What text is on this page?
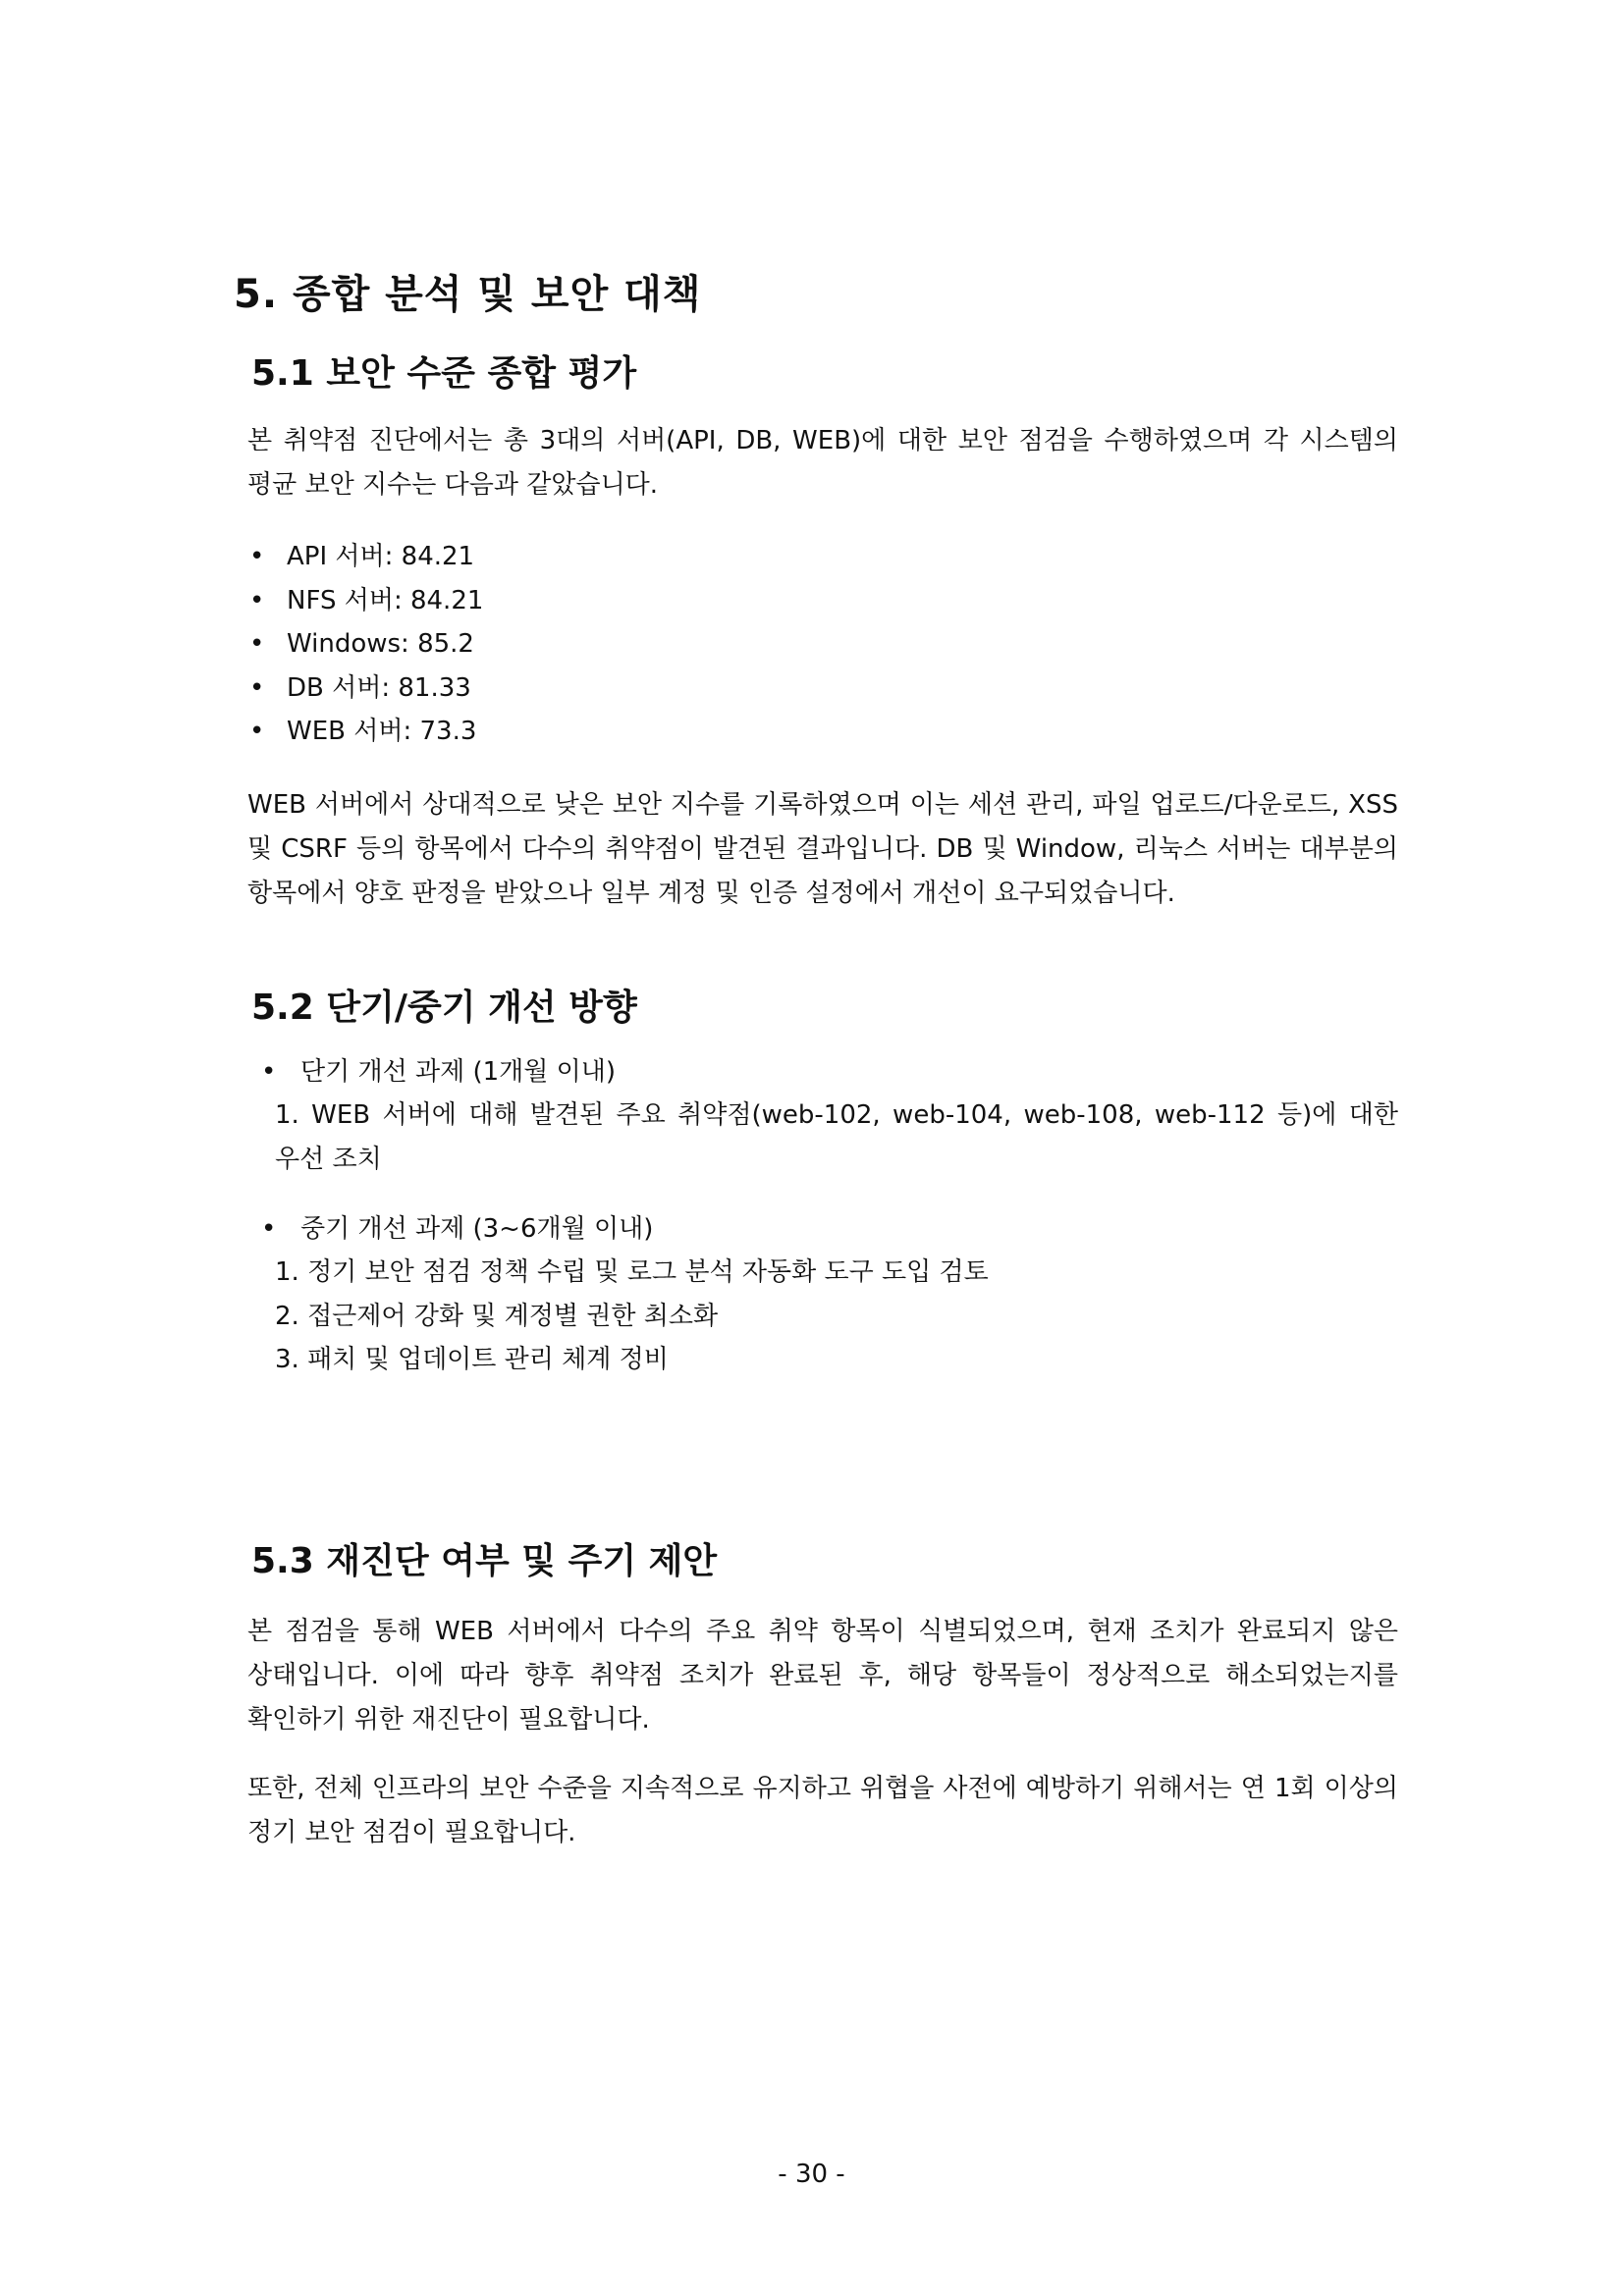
5. 종합 분석 및 보안 대책
5.1 보안 수준 종합 평가

본 취약점 진단에서는 총 3대의 서버(API, DB, WEB)에 대한 보안 점검을 수행하였으며 각 시스템의 평균 보안 지수는 다음과 같았습니다.

• API 서버: 84.21
• NFS 서버: 84.21
• Windows: 85.2
• DB 서버: 81.33
• WEB 서버: 73.3

WEB 서버에서 상대적으로 낮은 보안 지수를 기록하였으며 이는 세션 관리, 파일 업로드/다운로드, XSS 및 CSRF 등의 항목에서 다수의 취약점이 발견된 결과입니다. DB 및 Window, 리눅스 서버는 대부분의 항목에서 양호 판정을 받았으나 일부 계정 및 인증 설정에서 개선이 요구되었습니다.

5.2 단기/중기 개선 방향

• 단기 개선 과제 (1개월 이내)

1. WEB 서버에 대해 발견된 주요 취약점(web-102, web-104, web-108, web-112 등)에 대한 우선 조치

• 중기 개선 과제 (3~6개월 이내)

1. 정기 보안 점검 정책 수립 및 로그 분석 자동화 도구 도입 검토
2. 접근제어 강화 및 계정별 권한 최소화
3. 패치 및 업데이트 관리 체계 정비
5.3 재진단 여부 및 주기 제안

본 점검을 통해 WEB 서버에서 다수의 주요 취약 항목이 식별되었으며, 현재 조치가 완료되지 않은 상태입니다. 이에 따라 향후 취약점 조치가 완료된 후, 해당 항목들이 정상적으로 해소되었는지를 확인하기 위한 재진단이 필요합니다.

또한, 전체 인프라의 보안 수준을 지속적으로 유지하고 위협을 사전에 예방하기 위해서는 연 1회 이상의 정기 보안 점검이 필요합니다.

- 30 -
